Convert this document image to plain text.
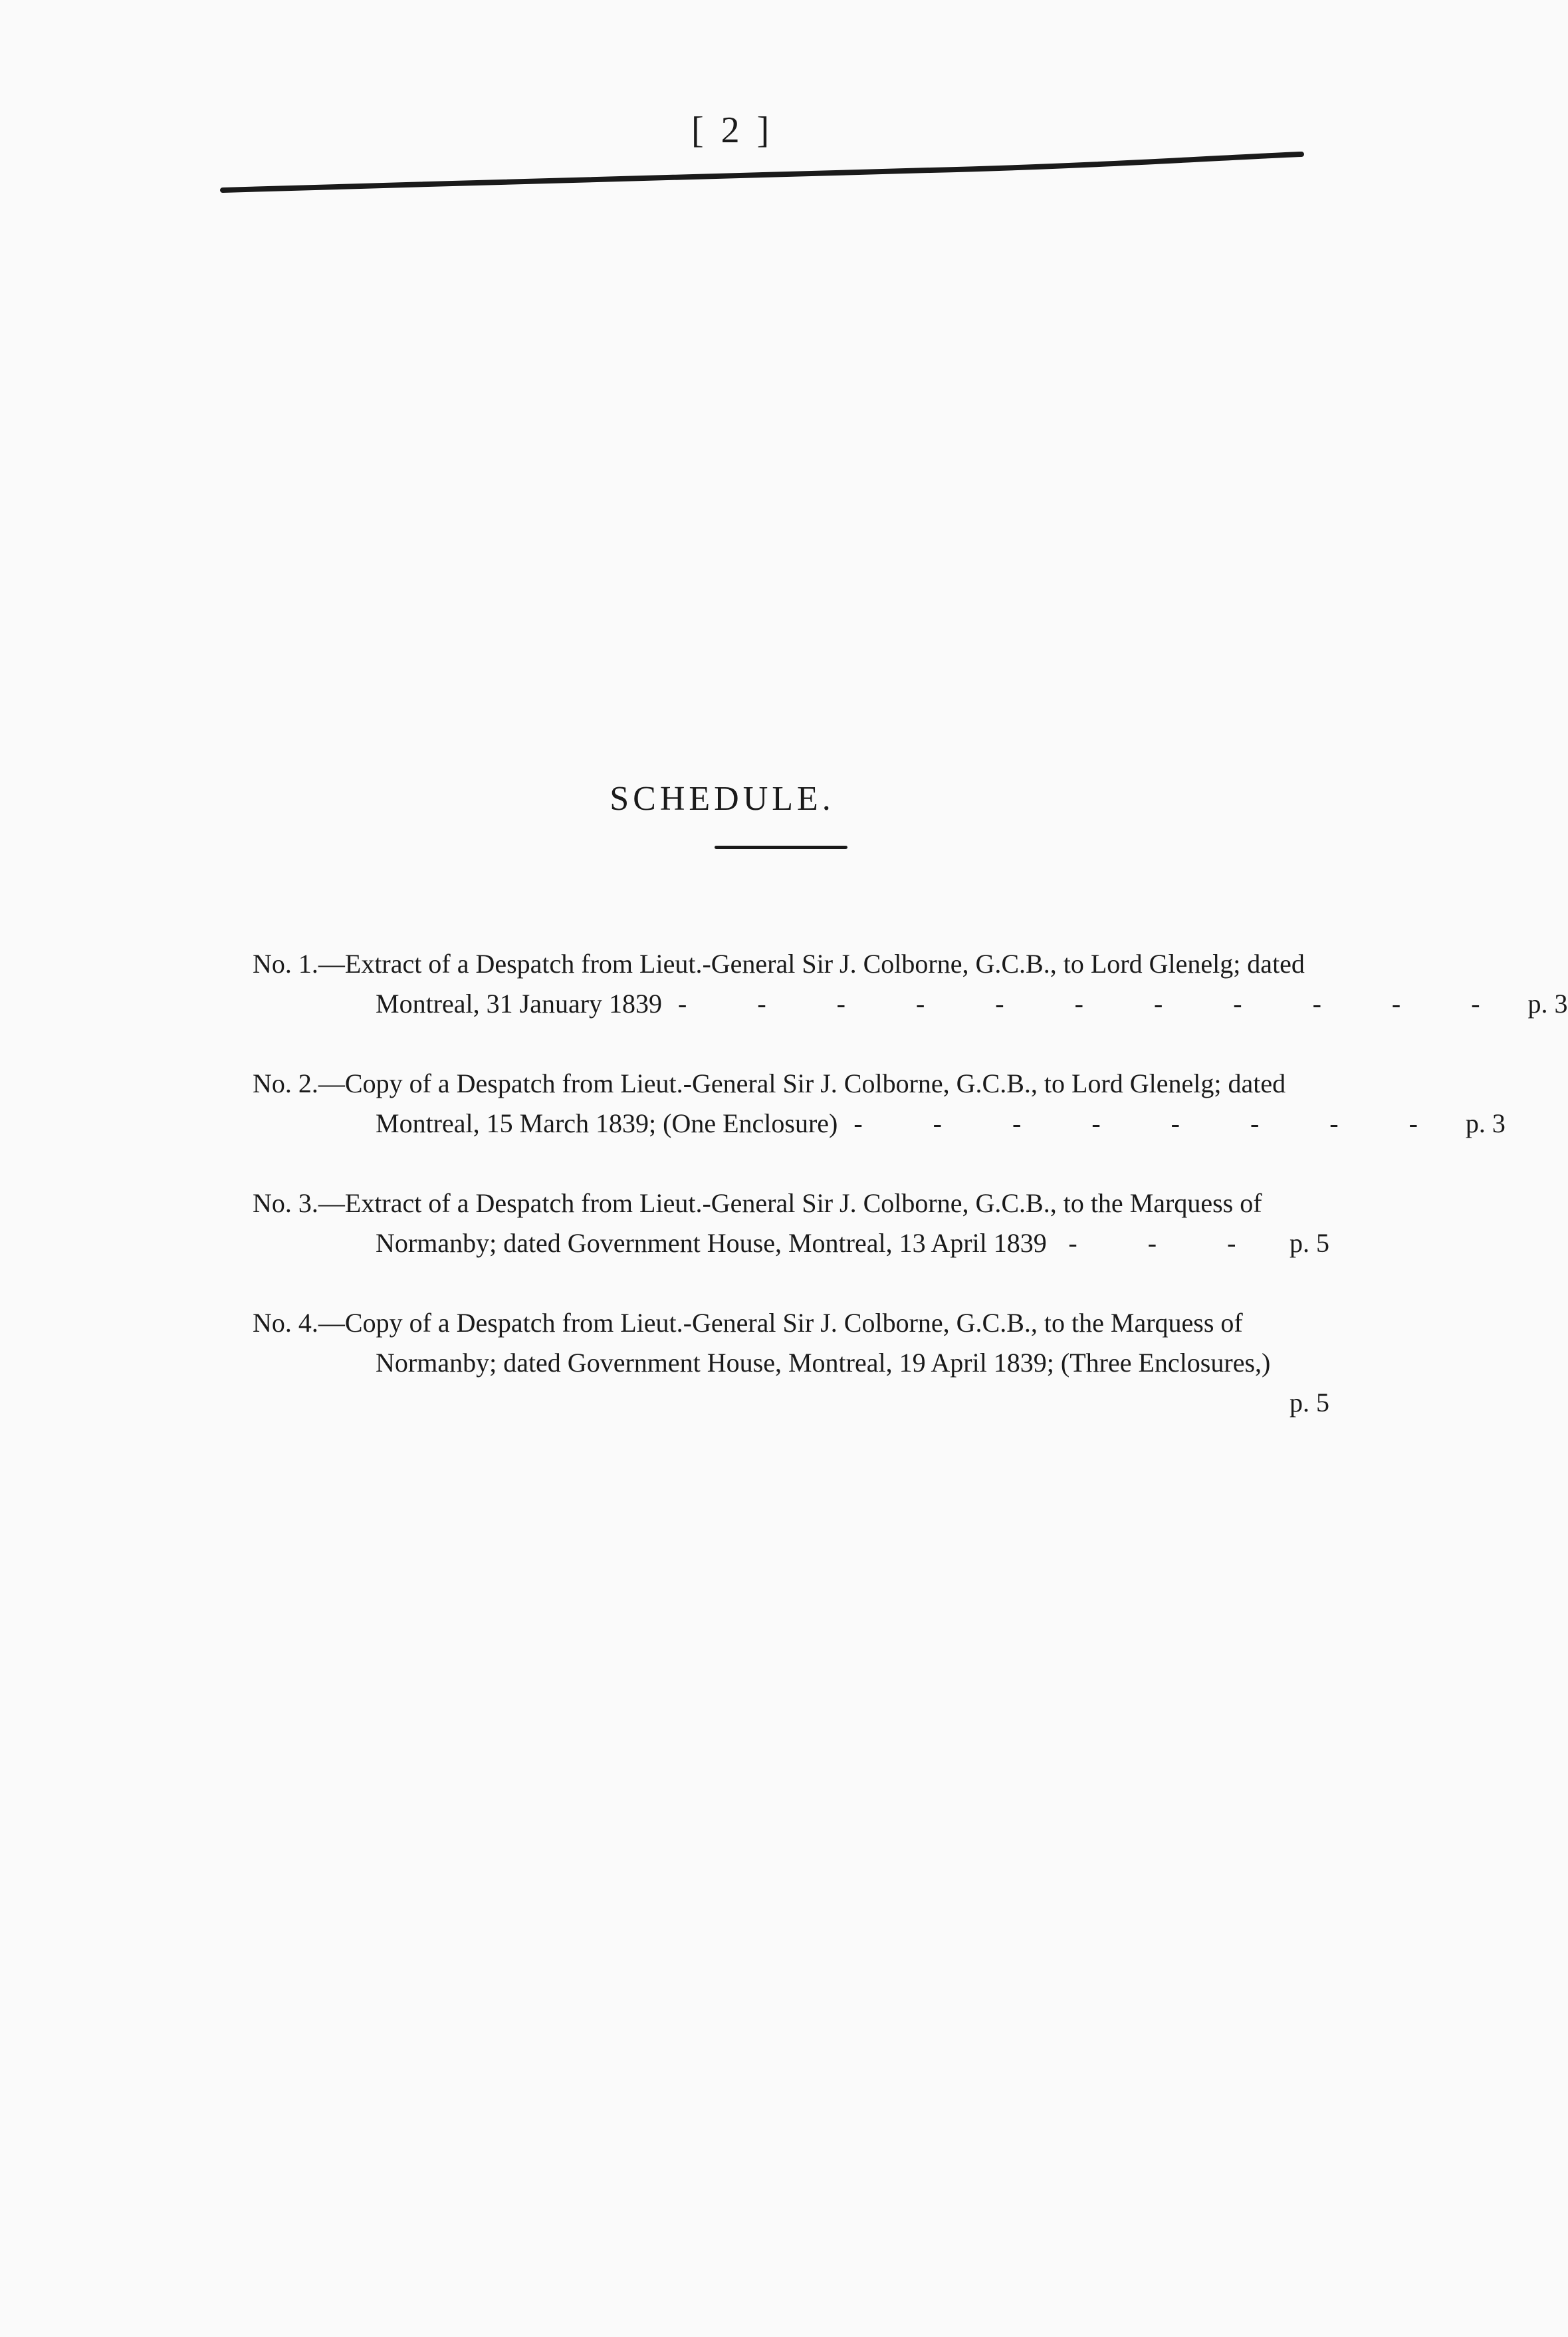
[ 2 ]
SCHEDULE.
No. 1.—Extract of a Despatch from Lieut.-General Sir J. Colborne, G.C.B., to Lord Glenelg; dated
Montreal, 31 January 1839 - - - - - - - - - - - p. 3
No. 2.—Copy of a Despatch from Lieut.-General Sir J. Colborne, G.C.B., to Lord Glenelg; dated
Montreal, 15 March 1839; (One Enclosure) - - - - - - - - p. 3
No. 3.—Extract of a Despatch from Lieut.-General Sir J. Colborne, G.C.B., to the Marquess of
Normanby; dated Government House, Montreal, 13 April 1839 - - - p. 5
No. 4.—Copy of a Despatch from Lieut.-General Sir J. Colborne, G.C.B., to the Marquess of
Normanby; dated Government House, Montreal, 19 April 1839; (Three Enclosures,)
p. 5
